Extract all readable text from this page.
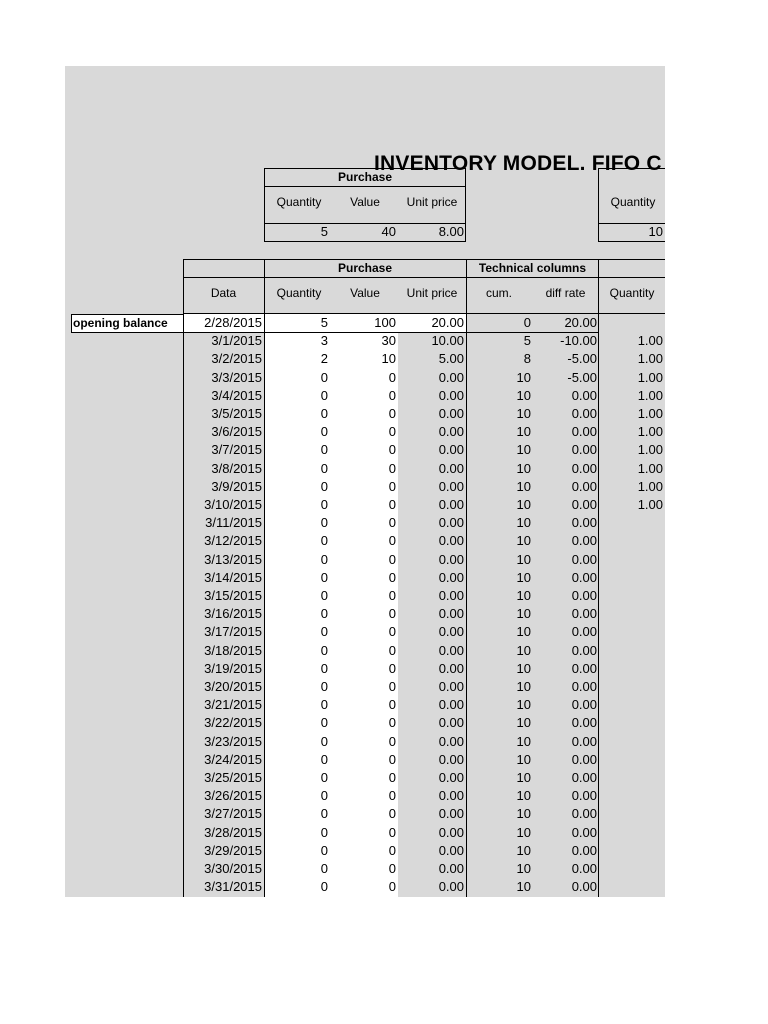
INVENTORY MODEL. FIFO C
Purchase
Quantity	Value	Unit price
5	40	8.00
Quantity
10
Purchase	Technical columns
Data	Quantity	Value	Unit price	cum.	diff rate	Quantity
opening balance	2/28/2015	5	100	20.00	0	20.00
3/1/2015	3	30	10.00	5	-10.00	1.00
3/2/2015	2	10	5.00	8	-5.00	1.00
3/3/2015	0	0	0.00	10	-5.00	1.00
3/4/2015	0	0	0.00	10	0.00	1.00
3/5/2015	0	0	0.00	10	0.00	1.00
3/6/2015	0	0	0.00	10	0.00	1.00
3/7/2015	0	0	0.00	10	0.00	1.00
3/8/2015	0	0	0.00	10	0.00	1.00
3/9/2015	0	0	0.00	10	0.00	1.00
3/10/2015	0	0	0.00	10	0.00	1.00
3/11/2015	0	0	0.00	10	0.00
3/12/2015	0	0	0.00	10	0.00
3/13/2015	0	0	0.00	10	0.00
3/14/2015	0	0	0.00	10	0.00
3/15/2015	0	0	0.00	10	0.00
3/16/2015	0	0	0.00	10	0.00
3/17/2015	0	0	0.00	10	0.00
3/18/2015	0	0	0.00	10	0.00
3/19/2015	0	0	0.00	10	0.00
3/20/2015	0	0	0.00	10	0.00
3/21/2015	0	0	0.00	10	0.00
3/22/2015	0	0	0.00	10	0.00
3/23/2015	0	0	0.00	10	0.00
3/24/2015	0	0	0.00	10	0.00
3/25/2015	0	0	0.00	10	0.00
3/26/2015	0	0	0.00	10	0.00
3/27/2015	0	0	0.00	10	0.00
3/28/2015	0	0	0.00	10	0.00
3/29/2015	0	0	0.00	10	0.00
3/30/2015	0	0	0.00	10	0.00
3/31/2015	0	0	0.00	10	0.00
